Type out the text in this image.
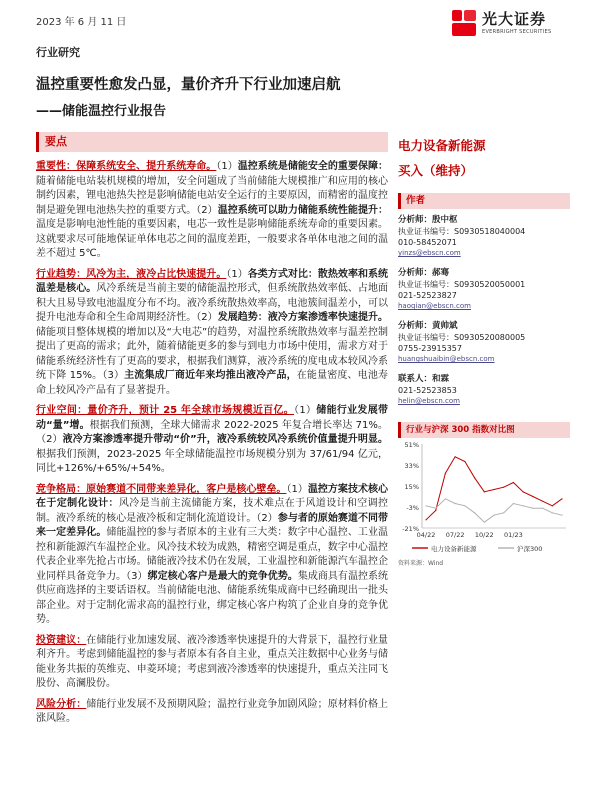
2023 年 6 月 11 日	光大证券
EVERBRIGHT SECURITIES
行业研究
温控重要性愈发凸显，量价齐升下行业加速启航
——储能温控行业报告
要点
重要性：保障系统安全、提升系统寿命。（1）温控系统是储能安全的重要保障：随着储能电站装机规模的增加，安全问题成了当前储能大规模推广和应用的核心制约因素，锂电池热失控是影响储能电站安全运行的主要原因，而精密的温度控制是避免锂电池热失控的重要方式。（2）温控系统可以助力储能系统性能提升：温度是影响电池性能的重要因素，电芯一致性是影响储能系统寿命的重要因素。这就要求尽可能地保证单体电芯之间的温度差距，一般要求各单体电池之间的温差不超过 5℃。
行业趋势：风冷为主，液冷占比快速提升。（1）各类方式对比：散热效率和系统温差是核心。风冷系统是当前主要的储能温控形式，但系统散热效率低、占地面积大且易导致电池温度分布不均。液冷系统散热效率高，电池簇间温差小，可以提升电池寿命和全生命周期经济性。（2）发展趋势：液冷方案渗透率快速提升。储能项目整体规模的增加以及“大电芯”的趋势，对温控系统散热效率与温差控制提出了更高的需求；此外，随着储能更多的参与到电力市场中使用，需求方对于储能系统经济性有了更高的要求，根据我们测算，液冷系统的度电成本较风冷系统下降 15%。（3）主流集成厂商近年来均推出液冷产品，在能量密度、电池寿命上较风冷产品有了显著提升。
行业空间：量价齐升，预计 25 年全球市场规模近百亿。（1）储能行业发展带动“量”增。根据我们预测，全球大储需求 2022-2025 年复合增长率达 71%。（2）液冷方案渗透率提升带动“价”升，液冷系统较风冷系统价值量提升明显。根据我们预测，2023-2025 年全球储能温控市场规模分别为 37/61/94 亿元，同比+126%/+65%/+54%。
竞争格局：原始赛道不同带来差异化，客户是核心壁垒。（1）温控方案技术核心在于定制化设计：风冷是当前主流储能方案，技术难点在于风道设计和空调控制。液冷系统的核心是液冷板和定制化流道设计。（2）参与者的原始赛道不同带来一定差异化。储能温控的参与者原本的主业有三大类：数字中心温控、工业温控和新能源汽车温控企业。风冷技术较为成熟，精密空调是重点，数字中心温控代表企业率先抢占市场。储能液冷技术仍在发展，工业温控和新能源汽车温控企业同样具备竞争力。（3）绑定核心客户是最大的竞争优势。集成商具有温控系统供应商选择的主要话语权。当前储能电池、储能系统集成商中已经确现出一批头部企业。对于定制化需求高的温控行业，绑定核心客户构筑了企业自身的竞争优势。
投资建议：在储能行业加速发展、液冷渗透率快速提升的大背景下，温控行业量利齐升。考虑到储能温控的参与者原本有各自主业，重点关注数据中心业务与储能业务共振的英维克、申菱环境；考虑到液冷渗透率的快速提升，重点关注同飞股份、高澜股份。
风险分析：储能行业发展不及预期风险；温控行业竞争加剧风险；原材料价格上涨风险。
电力设备新能源
买入（维持）
作者
分析师：殷中枢
执业证书编号：S0930518040004
010-58452071
yinzs@ebscn.com
分析师：郝骞
执业证书编号：S0930520050001
021-52523827
haoqian@ebscn.com
分析师：黄帅斌
执业证书编号：S0930520080005
0755-23915357
huangshuaibin@ebscn.com
联系人：和霖
021-52523853
helin@ebscn.com
行业与沪深 300 指数对比图
51%
33%
15%
-3%
-21%
04/22 07/22 10/22 01/23
电力设备新能源	沪深300
资料来源：Wind
